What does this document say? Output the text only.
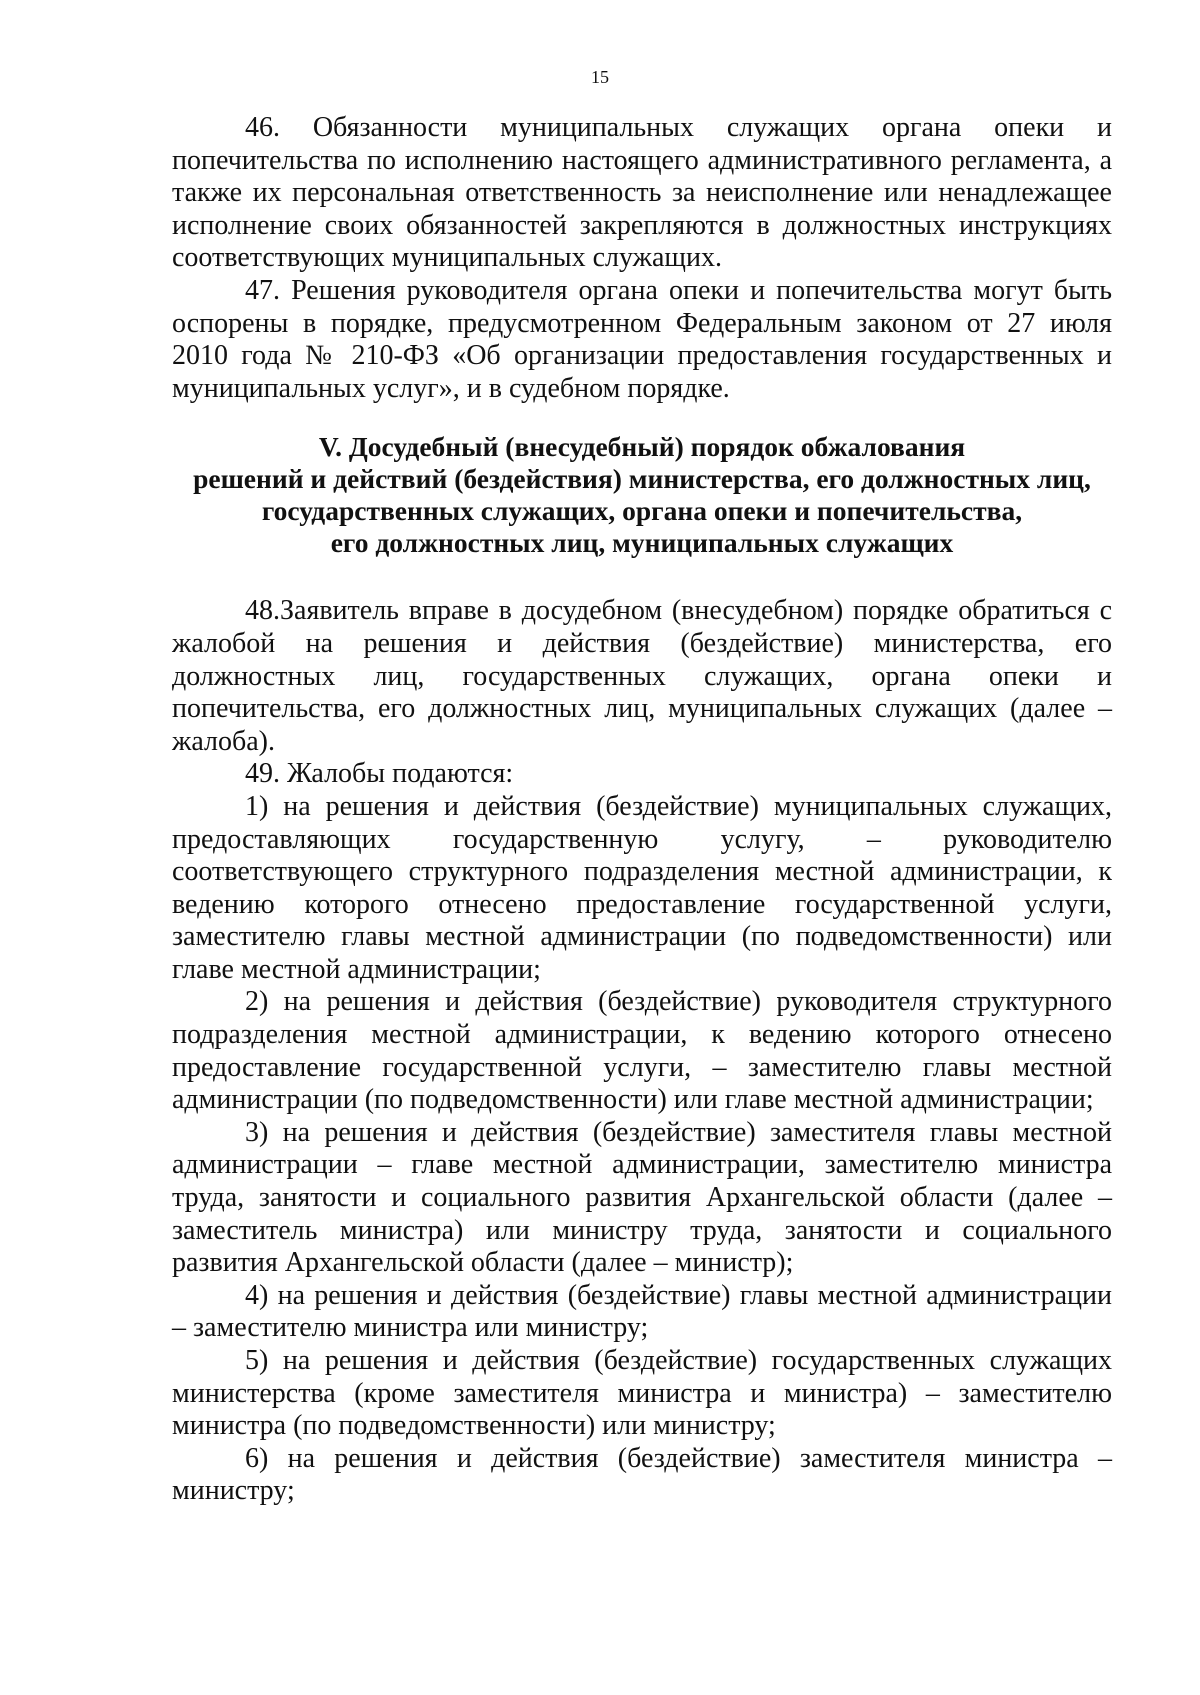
15

46. Обязанности муниципальных служащих органа опеки и попечительства по исполнению настоящего административного регламента, а также их персональная ответственность за неисполнение или ненадлежащее исполнение своих обязанностей закрепляются в должностных инструкциях соответствующих муниципальных служащих.

47. Решения руководителя органа опеки и попечительства могут быть оспорены в порядке, предусмотренном Федеральным законом от 27 июля 2010 года № 210-ФЗ «Об организации предоставления государственных и муниципальных услуг», и в судебном порядке.

V. Досудебный (внесудебный) порядок обжалования
решений и действий (бездействия) министерства, его должностных лиц,
государственных служащих, органа опеки и попечительства,
его должностных лиц, муниципальных служащих

48.Заявитель вправе в досудебном (внесудебном) порядке обратиться с жалобой на решения и действия (бездействие) министерства, его должностных лиц, государственных служащих, органа опеки и попечительства, его должностных лиц, муниципальных служащих (далее – жалоба).

49. Жалобы подаются:

1) на решения и действия (бездействие) муниципальных служащих, предоставляющих государственную услугу, – руководителю соответствующего структурного подразделения местной администрации, к ведению которого отнесено предоставление государственной услуги, заместителю главы местной администрации (по подведомственности) или главе местной администрации;

2) на решения и действия (бездействие) руководителя структурного подразделения местной администрации, к ведению которого отнесено предоставление государственной услуги, – заместителю главы местной администрации (по подведомственности) или главе местной администрации;

3) на решения и действия (бездействие) заместителя главы местной администрации – главе местной администрации, заместителю министра труда, занятости и социального развития Архангельской области (далее – заместитель министра) или министру труда, занятости и социального развития Архангельской области (далее – министр);

4) на решения и действия (бездействие) главы местной администрации – заместителю министра или министру;

5) на решения и действия (бездействие) государственных служащих министерства (кроме заместителя министра и министра) – заместителю министра (по подведомственности) или министру;

6) на решения и действия (бездействие) заместителя министра – министру;
